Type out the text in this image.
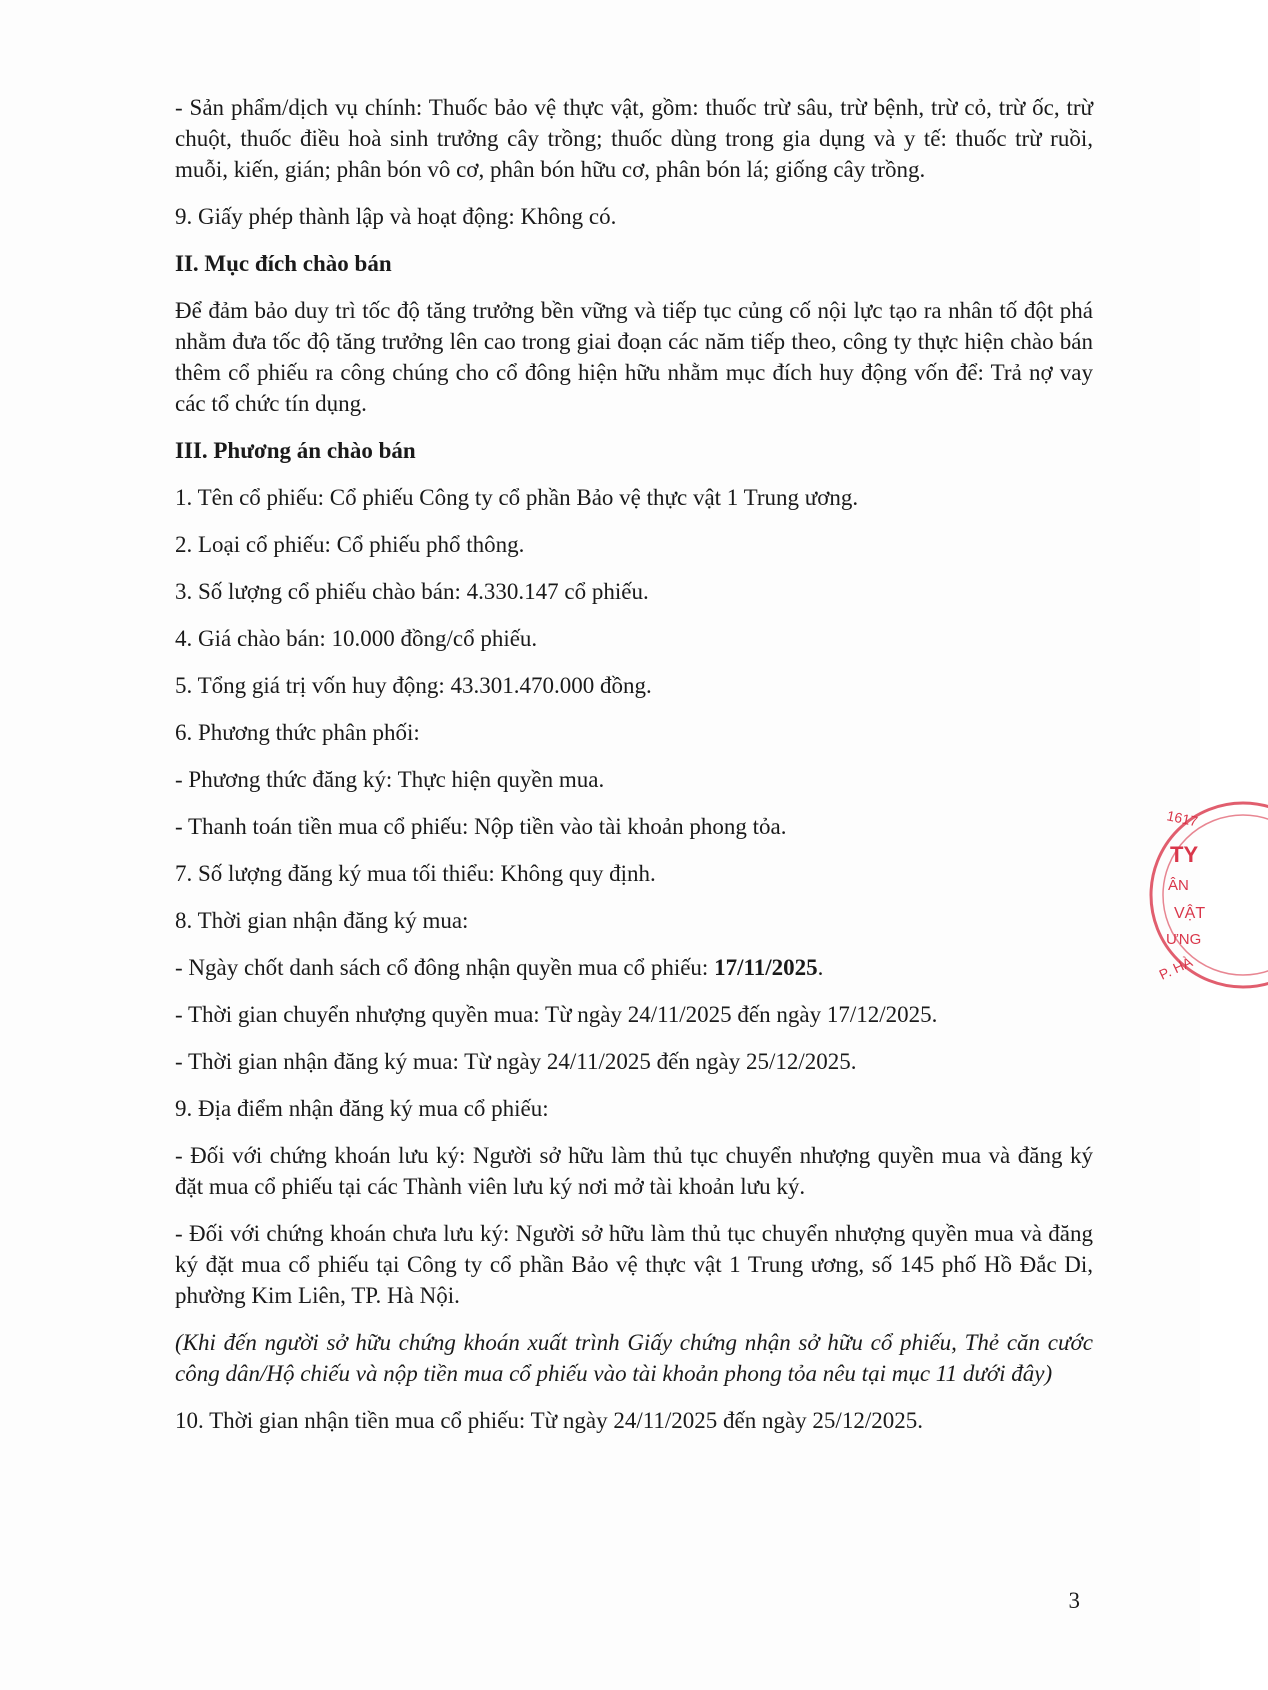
- Sản phẩm/dịch vụ chính: Thuốc bảo vệ thực vật, gồm: thuốc trừ sâu, trừ bệnh, trừ cỏ, trừ ốc, trừ chuột, thuốc điều hoà sinh trưởng cây trồng; thuốc dùng trong gia dụng và y tế: thuốc trừ ruồi, muỗi, kiến, gián; phân bón vô cơ, phân bón hữu cơ, phân bón lá; giống cây trồng.

9. Giấy phép thành lập và hoạt động: Không có.

II. Mục đích chào bán

Để đảm bảo duy trì tốc độ tăng trưởng bền vững và tiếp tục củng cố nội lực tạo ra nhân tố đột phá nhằm đưa tốc độ tăng trưởng lên cao trong giai đoạn các năm tiếp theo, công ty thực hiện chào bán thêm cổ phiếu ra công chúng cho cổ đông hiện hữu nhằm mục đích huy động vốn để: Trả nợ vay các tổ chức tín dụng.

III. Phương án chào bán

1. Tên cổ phiếu: Cổ phiếu Công ty cổ phần Bảo vệ thực vật 1 Trung ương.

2. Loại cổ phiếu: Cổ phiếu phổ thông.

3. Số lượng cổ phiếu chào bán: 4.330.147 cổ phiếu.

4. Giá chào bán: 10.000 đồng/cổ phiếu.

5. Tổng giá trị vốn huy động: 43.301.470.000 đồng.

6. Phương thức phân phối:

- Phương thức đăng ký: Thực hiện quyền mua.

- Thanh toán tiền mua cổ phiếu: Nộp tiền vào tài khoản phong tỏa.

7. Số lượng đăng ký mua tối thiểu: Không quy định.

8. Thời gian nhận đăng ký mua:

- Ngày chốt danh sách cổ đông nhận quyền mua cổ phiếu: 17/11/2025.

- Thời gian chuyển nhượng quyền mua: Từ ngày 24/11/2025 đến ngày 17/12/2025.

- Thời gian nhận đăng ký mua: Từ ngày 24/11/2025 đến ngày 25/12/2025.

9. Địa điểm nhận đăng ký mua cổ phiếu:

- Đối với chứng khoán lưu ký: Người sở hữu làm thủ tục chuyển nhượng quyền mua và đăng ký đặt mua cổ phiếu tại các Thành viên lưu ký nơi mở tài khoản lưu ký.

- Đối với chứng khoán chưa lưu ký: Người sở hữu làm thủ tục chuyển nhượng quyền mua và đăng ký đặt mua cổ phiếu tại Công ty cổ phần Bảo vệ thực vật 1 Trung ương, số 145 phố Hồ Đắc Di, phường Kim Liên, TP. Hà Nội.

(Khi đến người sở hữu chứng khoán xuất trình Giấy chứng nhận sở hữu cổ phiếu, Thẻ căn cước công dân/Hộ chiếu và nộp tiền mua cổ phiếu vào tài khoản phong tỏa nêu tại mục 11 dưới đây)

10. Thời gian nhận tiền mua cổ phiếu: Từ ngày 24/11/2025 đến ngày 25/12/2025.

1617
TY
ÂN
VẬT
ƯNG
P. HÀ
3
